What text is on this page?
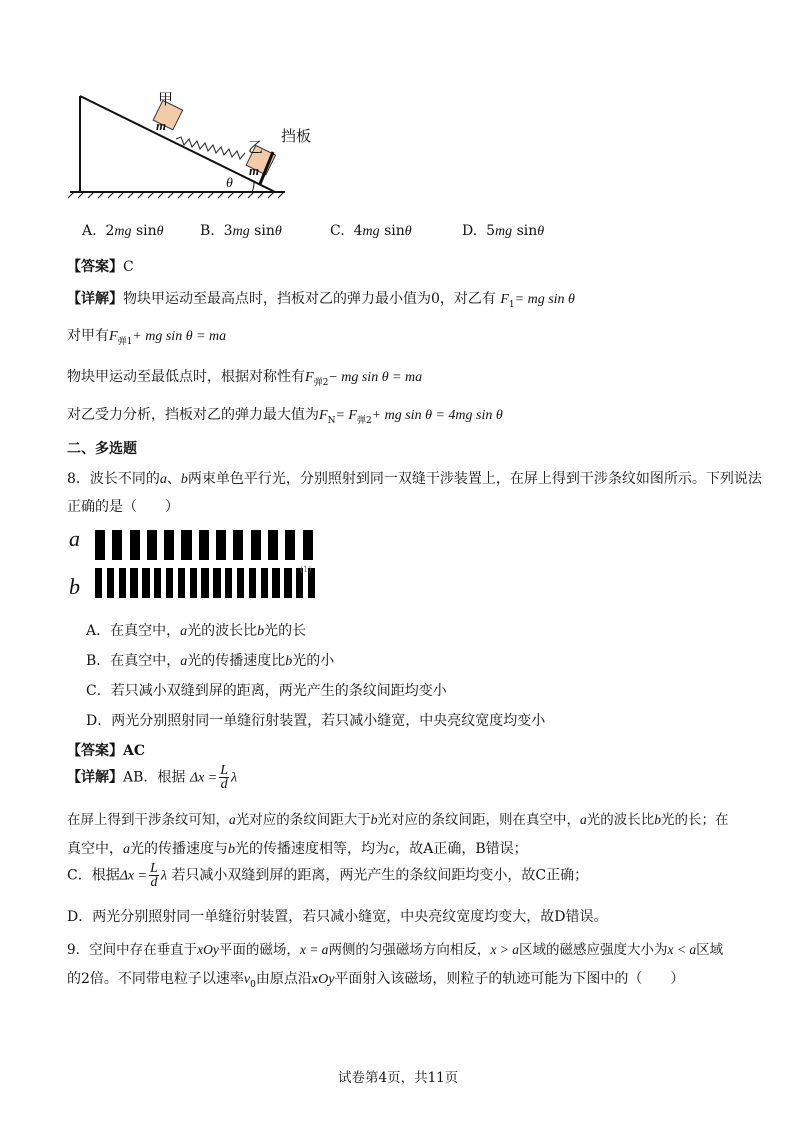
甲
m
乙
m
挡板
θ
A. 2mg sinθ	B. 3mg sinθ	C. 4mg sinθ	D. 5mg sinθ
【答案】C
【详解】物块甲运动至最高点时，挡板对乙的弹力最小值为0，对乙有 $F_1=$ mg sin θ
对甲有$F_{弹1}+$ mg sin θ = ma
物块甲运动至最低点时，根据对称性有$F_{弹2}-$ mg sin θ = ma
对乙受力分析，挡板对乙的弹力最大值为$F_N= F_{弹2}+$ mg sin θ = 4mg sin θ
二、多选题
8．波长不同的a、b两束单色平行光，分别照射到同一双缝干涉装置上，在屏上得到干涉条纹如图所示。下列说法
正确的是（　　）
a
b
(1)
A．在真空中，a光的波长比b光的长
B．在真空中，a光的传播速度比b光的小
C．若只减小双缝到屏的距离，两光产生的条纹间距均变小
D．两光分别照射同一单缝衍射装置，若只减小缝宽，中央亮纹宽度均变小
【答案】AC
【详解】AB．根据 $\Delta x = \frac{L}{d}$ λ
在屏上得到干涉条纹可知，a光对应的条纹间距大于b光对应的条纹间距，则在真空中，a光的波长比b光的长；在
真空中，a光的传播速度与b光的传播速度相等，均为c，故A正确，B错误；
C．根据$\Delta x = \frac{L}{d}$ λ 若只减小双缝到屏的距离，两光产生的条纹间距均变小，故C正确；
D．两光分别照射同一单缝衍射装置，若只减小缝宽，中央亮纹宽度均变大，故D错误。
9．空间中存在垂直于xOy平面的磁场，x = a两侧的匀强磁场方向相反，x > a区域的磁感应强度大小为x < a区域
的2倍。不同带电粒子以速率$v_0$由原点沿xOy平面射入该磁场，则粒子的轨迹可能为下图中的（　　）
试卷第4页，共11页
